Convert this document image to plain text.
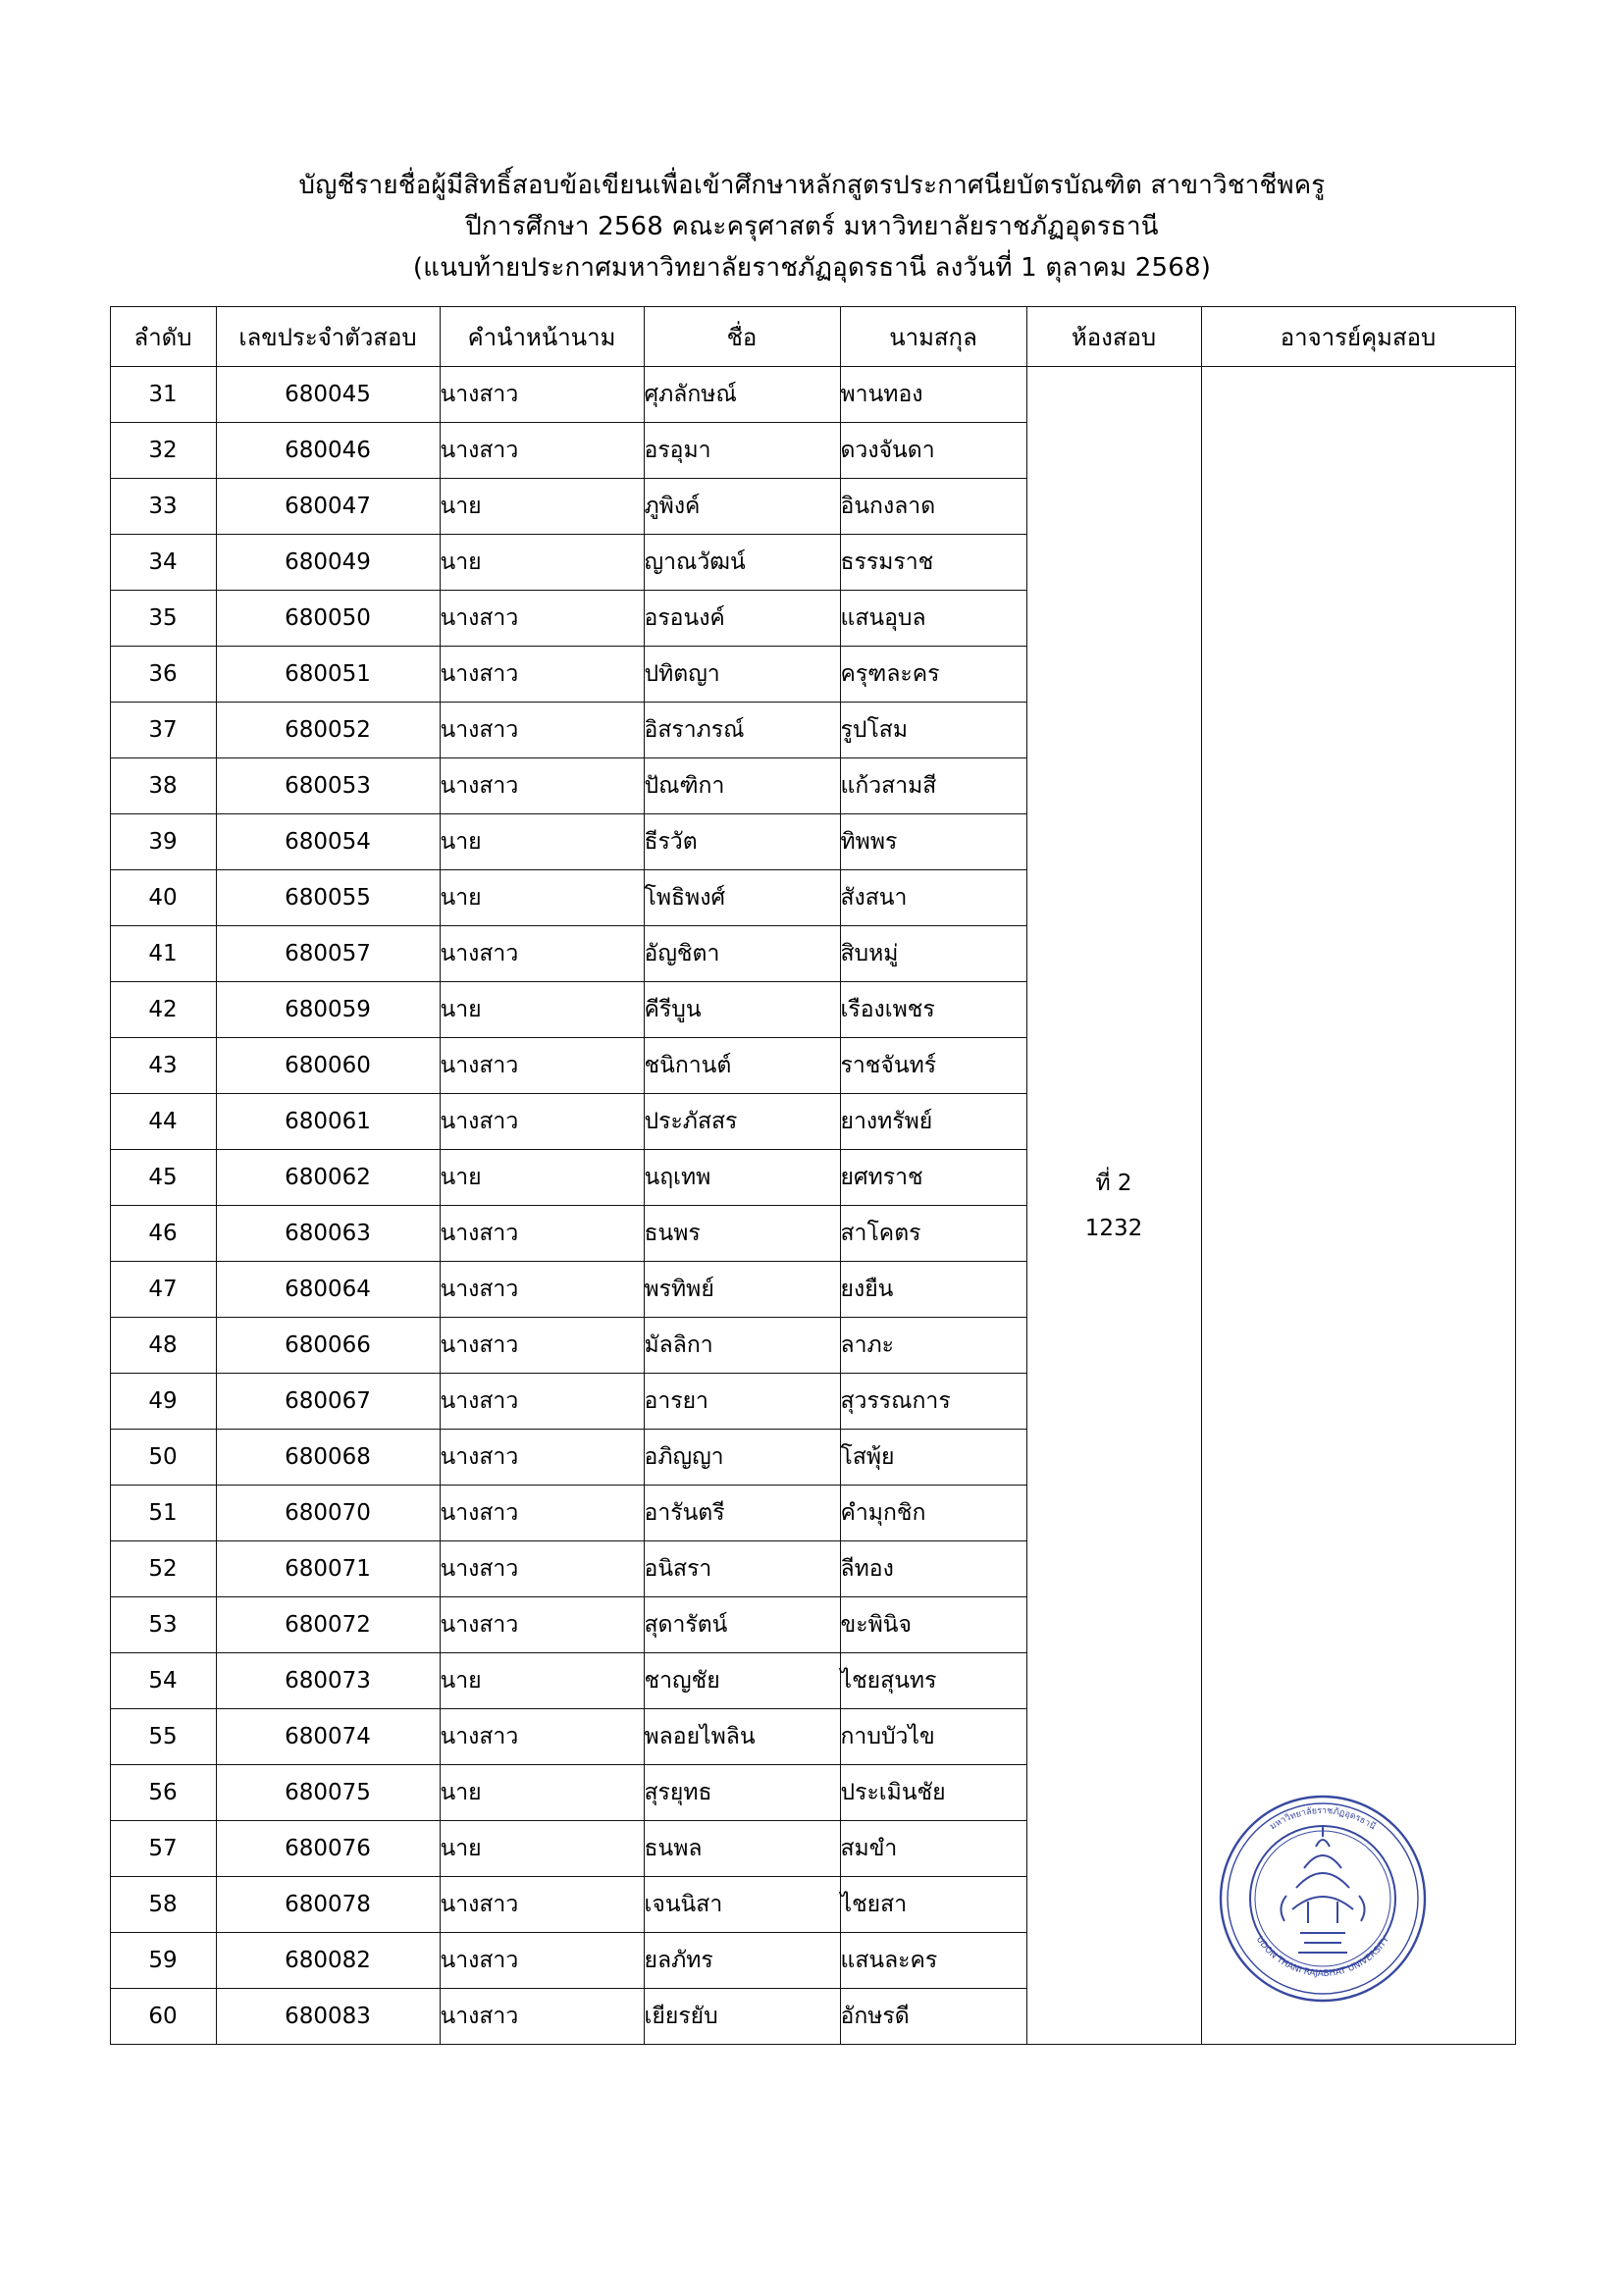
บัญชีรายชื่อผู้มีสิทธิ์สอบข้อเขียนเพื่อเข้าศึกษาหลักสูตรประกาศนียบัตรบัณฑิต สาขาวิชาชีพครู
ปีการศึกษา 2568 คณะครุศาสตร์ มหาวิทยาลัยราชภัฏอุดรธานี
(แนบท้ายประกาศมหาวิทยาลัยราชภัฏอุดรธานี ลงวันที่ 1 ตุลาคม 2568)
ลำดับ	เลขประจำตัวสอบ	คำนำหน้านาม	ชื่อ	นามสกุล	ห้องสอบ	อาจารย์คุมสอบ
31	680045	นางสาว	ศุภลักษณ์	พานทอง	ที่ 2
1232	

32	680046	นางสาว	อรอุมา	ดวงจันดา		
33	680047	นาย	ภูพิงค์	อินกงลาด		
34	680049	นาย	ญาณวัฒน์	ธรรมราช		
35	680050	นางสาว	อรอนงค์	แสนอุบล		
36	680051	นางสาว	ปทิตญา	ครุฑละคร		
37	680052	นางสาว	อิสราภรณ์	รูปโสม		
38	680053	นางสาว	ปัณฑิกา	แก้วสามสี		
39	680054	นาย	ธีรวัต	ทิพพร		
40	680055	นาย	โพธิพงศ์	สังสนา		
41	680057	นางสาว	อัญชิตา	สิบหมู่		
42	680059	นาย	คีรีบูน	เรืองเพชร		
43	680060	นางสาว	ชนิกานต์	ราชจันทร์		
44	680061	นางสาว	ประภัสสร	ยางทรัพย์		
45	680062	นาย	นฤเทพ	ยศทราช		
46	680063	นางสาว	ธนพร	สาโคตร		
47	680064	นางสาว	พรทิพย์	ยงยืน		
48	680066	นางสาว	มัลลิกา	ลาภะ		
49	680067	นางสาว	อารยา	สุวรรณการ		
50	680068	นางสาว	อภิญญา	โสพุ้ย		
51	680070	นางสาว	อารันตรี	คำมุกชิก		
52	680071	นางสาว	อนิสรา	ลีทอง		
53	680072	นางสาว	สุดารัตน์	ขะพินิจ		
54	680073	นาย	ชาญชัย	ไชยสุนทร		
55	680074	นางสาว	พลอยไพลิน	กาบบัวไข		
56	680075	นาย	สุรยุทธ	ประเมินชัย		
57	680076	นาย	ธนพล	สมขำ		
58	680078	นางสาว	เจนนิสา	ไชยสา		
59	680082	นางสาว	ยลภัทร	แสนละคร		
60	680083	นางสาว	เยียรยับ	อักษรดี		
มหาวิทยาลัยราชภัฏอุดรธานี
UDON THANI RAJABHAT UNIVERSITY
